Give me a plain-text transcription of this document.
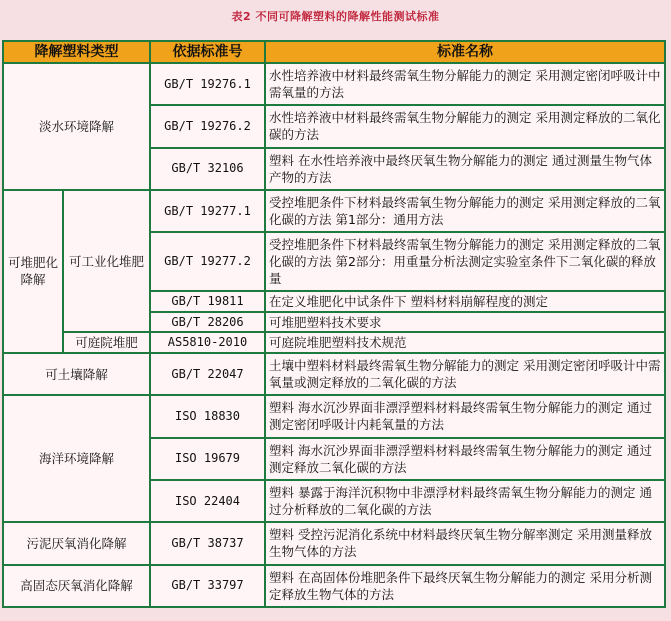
表2 不同可降解塑料的降解性能测试标准
降解塑料类型		依据标准号	标准名称
淡水环境降解		GB/T 19276.1	水性培养液中材料最终需氧生物分解能力的测定 采用测定密闭呼吸计中需氧量的方法
		GB/T 19276.2	水性培养液中材料最终需氧生物分解能力的测定 采用测定释放的二氧化碳的方法
		GB/T 32106	塑料 在水性培养液中最终厌氧生物分解能力的测定 通过测量生物气体产物的方法
可堆肥化降解	可工业化堆肥	GB/T 19277.1	受控堆肥条件下材料最终需氧生物分解能力的测定 采用测定释放的二氧化碳的方法 第1部分：通用方法
		GB/T 19277.2	受控堆肥条件下材料最终需氧生物分解能力的测定 采用测定释放的二氧化碳的方法 第2部分：用重量分析法测定实验室条件下二氧化碳的释放量
		GB/T 19811	在定义堆肥化中试条件下 塑料材料崩解程度的测定
		GB/T 28206	可堆肥塑料技术要求
	可庭院堆肥	AS5810-2010	可庭院堆肥塑料技术规范
可土壤降解		GB/T 22047	土壤中塑料材料最终需氧生物分解能力的测定 采用测定密闭呼吸计中需氧量或测定释放的二氧化碳的方法
海洋环境降解		ISO 18830	塑料 海水沉沙界面非漂浮塑料材料最终需氧生物分解能力的测定 通过测定密闭呼吸计内耗氧量的方法
		ISO 19679	塑料 海水沉沙界面非漂浮塑料材料最终需氧生物分解能力的测定 通过测定释放二氧化碳的方法
		ISO 22404	塑料 暴露于海洋沉积物中非漂浮材料最终需氧生物分解能力的测定 通过分析释放的二氧化碳的方法
污泥厌氧消化降解		GB/T 38737	塑料 受控污泥消化系统中材料最终厌氧生物分解率测定 采用测量释放生物气体的方法
高固态厌氧消化降解		GB/T 33797	塑料 在高固体份堆肥条件下最终厌氧生物分解能力的测定 采用分析测定释放生物气体的方法
